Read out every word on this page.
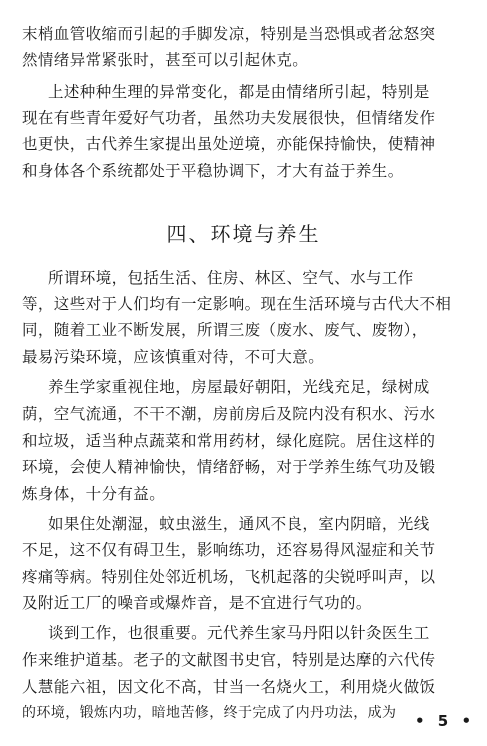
末梢血管收缩而引起的手脚发凉，特别是当恐惧或者忿怒突
然情绪异常紧张时，甚至可以引起休克。
上述种种生理的异常变化，都是由情绪所引起，特别是
现在有些青年爱好气功者，虽然功夫发展很快，但情绪发作
也更快，古代养生家提出虽处逆境，亦能保持愉快，使精神
和身体各个系统都处于平稳协调下，才大有益于养生。
四、环境与养生
所谓环境，包括生活、住房、林区、空气、水与工作
等，这些对于人们均有一定影响。现在生活环境与古代大不相
同，随着工业不断发展，所谓三废（废水、废气、废物），
最易污染环境，应该慎重对待，不可大意。
养生学家重视住地，房屋最好朝阳，光线充足，绿树成
荫，空气流通，不干不潮，房前房后及院内没有积水、污水
和垃圾，适当种点蔬菜和常用药材，绿化庭院。居住这样的
环境，会使人精神愉快，情绪舒畅，对于学养生练气功及锻
炼身体，十分有益。
如果住处潮湿，蚊虫滋生，通风不良，室内阴暗，光线
不足，这不仅有碍卫生，影响练功，还容易得风湿症和关节
疼痛等病。特别住处邻近机场，飞机起落的尖锐呼叫声，以
及附近工厂的噪音或爆炸音，是不宜进行气功的。
谈到工作，也很重要。元代养生家马丹阳以针灸医生工
作来维护道基。老子的文献图书史官，特别是达摩的六代传
人慧能六祖，因文化不高，甘当一名烧火工，利用烧火做饭
的环境，锻炼内功，暗地苦修，终于完成了内丹功法，成为	• 5 •
